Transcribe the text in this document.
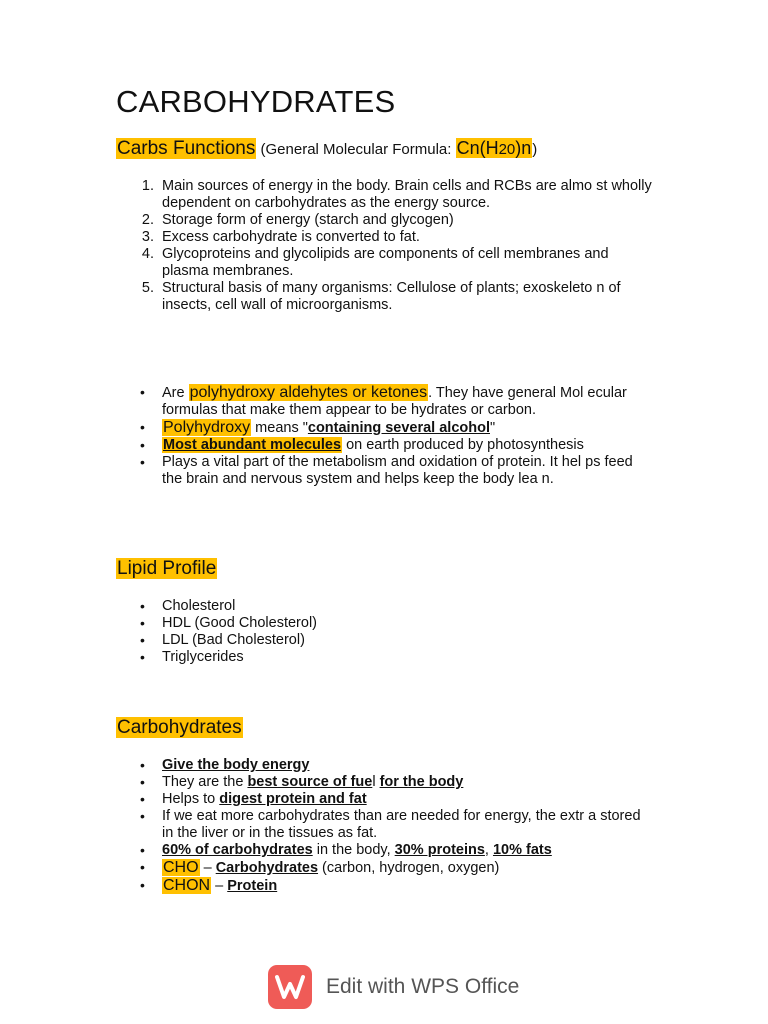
CARBOHYDRATES
Carbs Functions (General Molecular Formula: Cn(H20)n)
1. Main sources of energy in the body. Brain cells and RCBs are almo st wholly dependent on carbohydrates as the energy source.
2. Storage form of energy (starch and glycogen)
3. Excess carbohydrate is converted to fat.
4. Glycoproteins and glycolipids are components of cell membranes and plasma membranes.
5. Structural basis of many organisms: Cellulose of plants; exoskeleto n of insects, cell wall of microorganisms.
• Are polyhydroxy aldehytes or ketones. They have general Mol ecular formulas that make them appear to be hydrates or carbon.
• Polyhydroxy means "containing several alcohol"
• Most abundant molecules on earth produced by photosynthesis
• Plays a vital part of the metabolism and oxidation of protein. It hel ps feed the brain and nervous system and helps keep the body lea n.
Lipid Profile
• Cholesterol
• HDL (Good Cholesterol)
• LDL (Bad Cholesterol)
• Triglycerides
Carbohydrates
• Give the body energy
• They are the best source of fuel for the body
• Helps to digest protein and fat
• If we eat more carbohydrates than are needed for energy, the extr a stored in the liver or in the tissues as fat.
• 60% of carbohydrates in the body, 30% proteins, 10% fats
• CHO – Carbohydrates (carbon, hydrogen, oxygen)
• CHON – Protein
Edit with WPS Office
